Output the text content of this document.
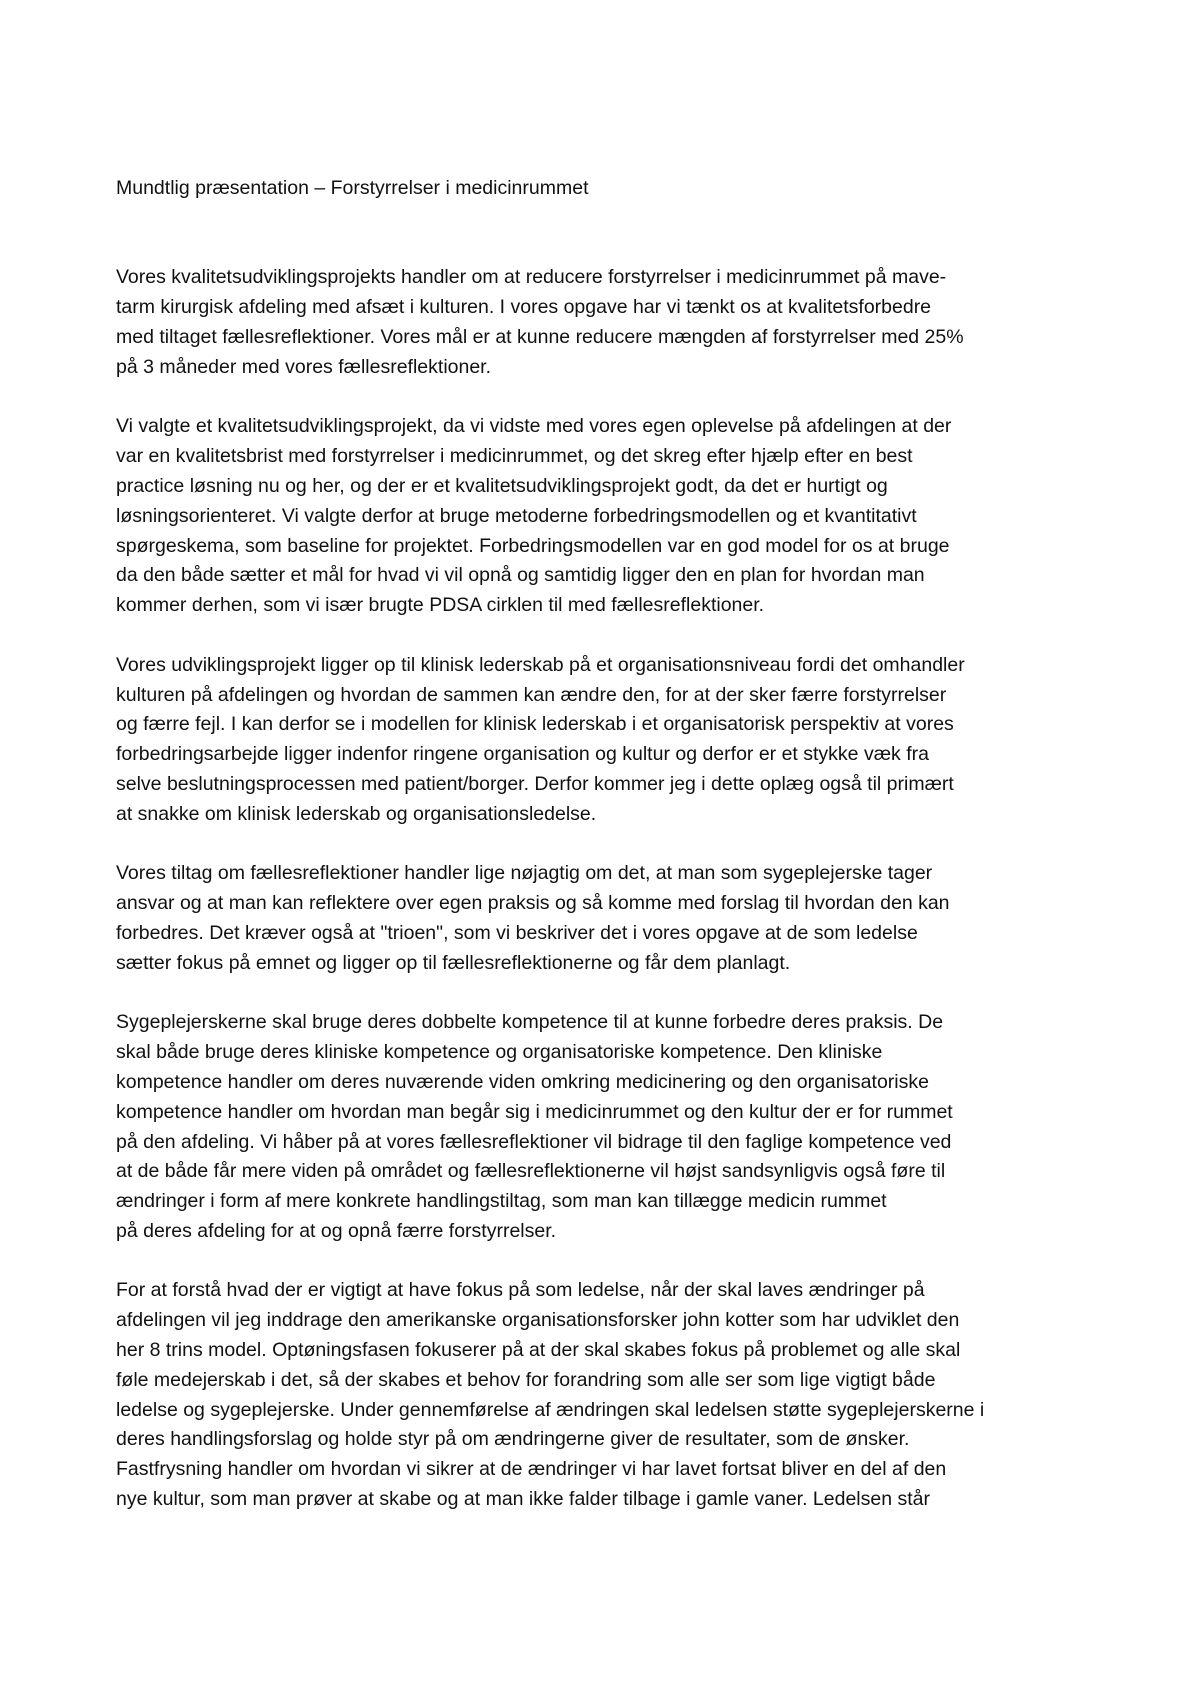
Mundtlig præsentation – Forstyrrelser i medicinrummet
Vores kvalitetsudviklingsprojekts handler om at reducere forstyrrelser i medicinrummet på mave-
tarm kirurgisk afdeling med afsæt i kulturen. I vores opgave har vi tænkt os at kvalitetsforbedre
med tiltaget fællesreflektioner. Vores mål er at kunne reducere mængden af forstyrrelser med 25%
på 3 måneder med vores fællesreflektioner.
Vi valgte et kvalitetsudviklingsprojekt, da vi vidste med vores egen oplevelse på afdelingen at der
var en kvalitetsbrist med forstyrrelser i medicinrummet, og det skreg efter hjælp efter en best
practice løsning nu og her, og der er et kvalitetsudviklingsprojekt godt, da det er hurtigt og
løsningsorienteret. Vi valgte derfor at bruge metoderne forbedringsmodellen og et kvantitativt
spørgeskema, som baseline for projektet. Forbedringsmodellen var en god model for os at bruge
da den både sætter et mål for hvad vi vil opnå og samtidig ligger den en plan for hvordan man
kommer derhen, som vi især brugte PDSA cirklen til med fællesreflektioner.
Vores udviklingsprojekt ligger op til klinisk lederskab på et organisationsniveau fordi det omhandler
kulturen på afdelingen og hvordan de sammen kan ændre den, for at der sker færre forstyrrelser
og færre fejl. I kan derfor se i modellen for klinisk lederskab i et organisatorisk perspektiv at vores
forbedringsarbejde ligger indenfor ringene organisation og kultur og derfor er et stykke væk fra
selve beslutningsprocessen med patient/borger. Derfor kommer jeg i dette oplæg også til primært
at snakke om klinisk lederskab og organisationsledelse.
Vores tiltag om fællesreflektioner handler lige nøjagtig om det, at man som sygeplejerske tager
ansvar og at man kan reflektere over egen praksis og så komme med forslag til hvordan den kan
forbedres. Det kræver også at "trioen", som vi beskriver det i vores opgave at de som ledelse
sætter fokus på emnet og ligger op til fællesreflektionerne og får dem planlagt.
Sygeplejerskerne skal bruge deres dobbelte kompetence til at kunne forbedre deres praksis. De
skal både bruge deres kliniske kompetence og organisatoriske kompetence. Den kliniske
kompetence handler om deres nuværende viden omkring medicinering og den organisatoriske
kompetence handler om hvordan man begår sig i medicinrummet og den kultur der er for rummet
på den afdeling. Vi håber på at vores fællesreflektioner vil bidrage til den faglige kompetence ved
at de både får mere viden på området og fællesreflektionerne vil højst sandsynligvis også føre til
ændringer i form af mere konkrete handlingstiltag, som man kan tillægge medicin rummet
på deres afdeling for at og opnå færre forstyrrelser.
For at forstå hvad der er vigtigt at have fokus på som ledelse, når der skal laves ændringer på
afdelingen vil jeg inddrage den amerikanske organisationsforsker john kotter som har udviklet den
her 8 trins model. Optøningsfasen fokuserer på at der skal skabes fokus på problemet og alle skal
føle medejerskab i det, så der skabes et behov for forandring som alle ser som lige vigtigt både
ledelse og sygeplejerske. Under gennemførelse af ændringen skal ledelsen støtte sygeplejerskerne i
deres handlingsforslag og holde styr på om ændringerne giver de resultater, som de ønsker.
Fastfrysning handler om hvordan vi sikrer at de ændringer vi har lavet fortsat bliver en del af den
nye kultur, som man prøver at skabe og at man ikke falder tilbage i gamle vaner. Ledelsen står
